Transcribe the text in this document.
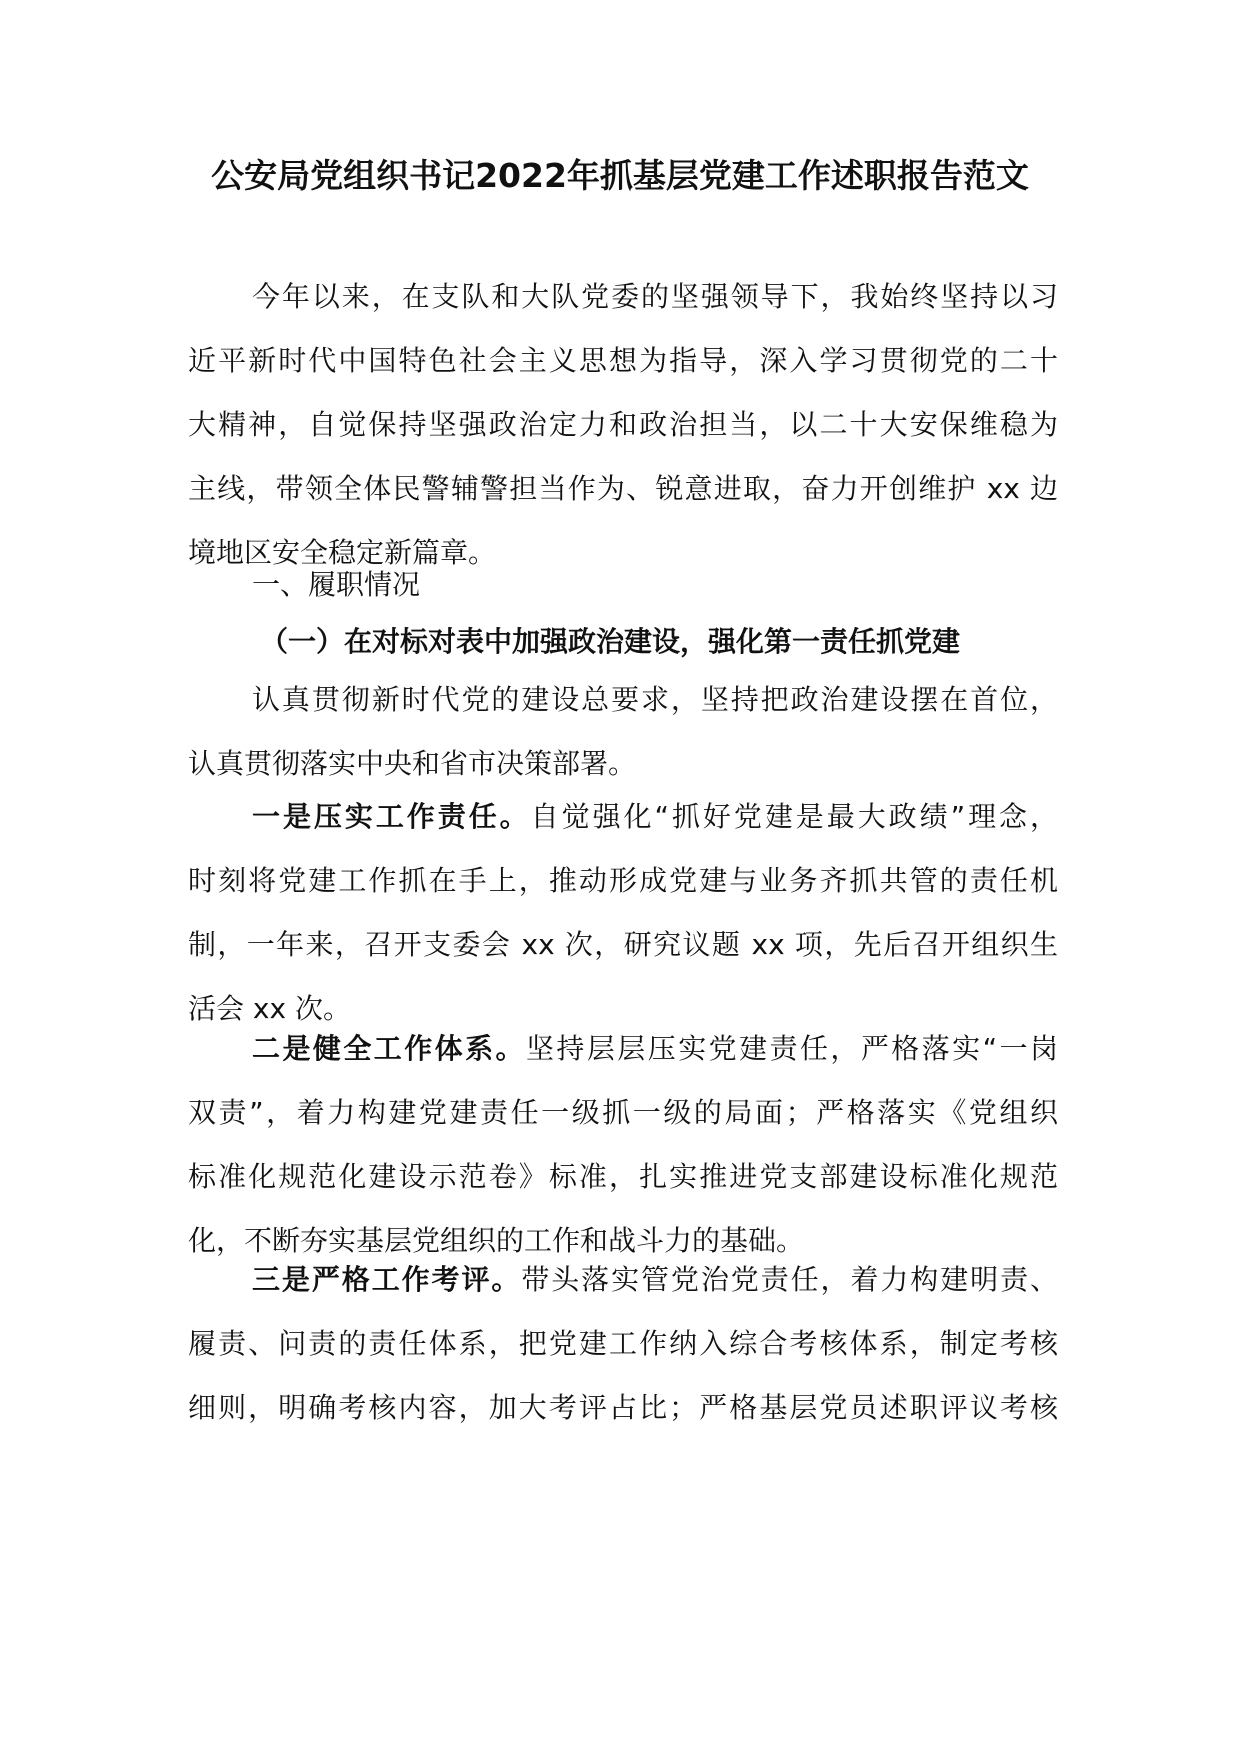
公安局党组织书记2022年抓基层党建工作述职报告范文
今年以来，在支队和大队党委的坚强领导下，我始终坚持以习
近平新时代中国特色社会主义思想为指导，深入学习贯彻党的二十
大精神，自觉保持坚强政治定力和政治担当，以二十大安保维稳为
主线，带领全体民警辅警担当作为、锐意进取，奋力开创维护 xx 边
境地区安全稳定新篇章。
一、履职情况
（一）在对标对表中加强政治建设，强化第一责任抓党建
认真贯彻新时代党的建设总要求，坚持把政治建设摆在首位，
认真贯彻落实中央和省市决策部署。
一是压实工作责任。自觉强化“抓好党建是最大政绩”理念，
时刻将党建工作抓在手上，推动形成党建与业务齐抓共管的责任机
制，一年来，召开支委会 xx 次，研究议题 xx 项，先后召开组织生
活会 xx 次。
二是健全工作体系。坚持层层压实党建责任，严格落实“一岗
双责”，着力构建党建责任一级抓一级的局面；严格落实《党组织
标准化规范化建设示范卷》标准，扎实推进党支部建设标准化规范
化，不断夯实基层党组织的工作和战斗力的基础。
三是严格工作考评。带头落实管党治党责任，着力构建明责、
履责、问责的责任体系，把党建工作纳入综合考核体系，制定考核
细则，明确考核内容，加大考评占比；严格基层党员述职评议考核
